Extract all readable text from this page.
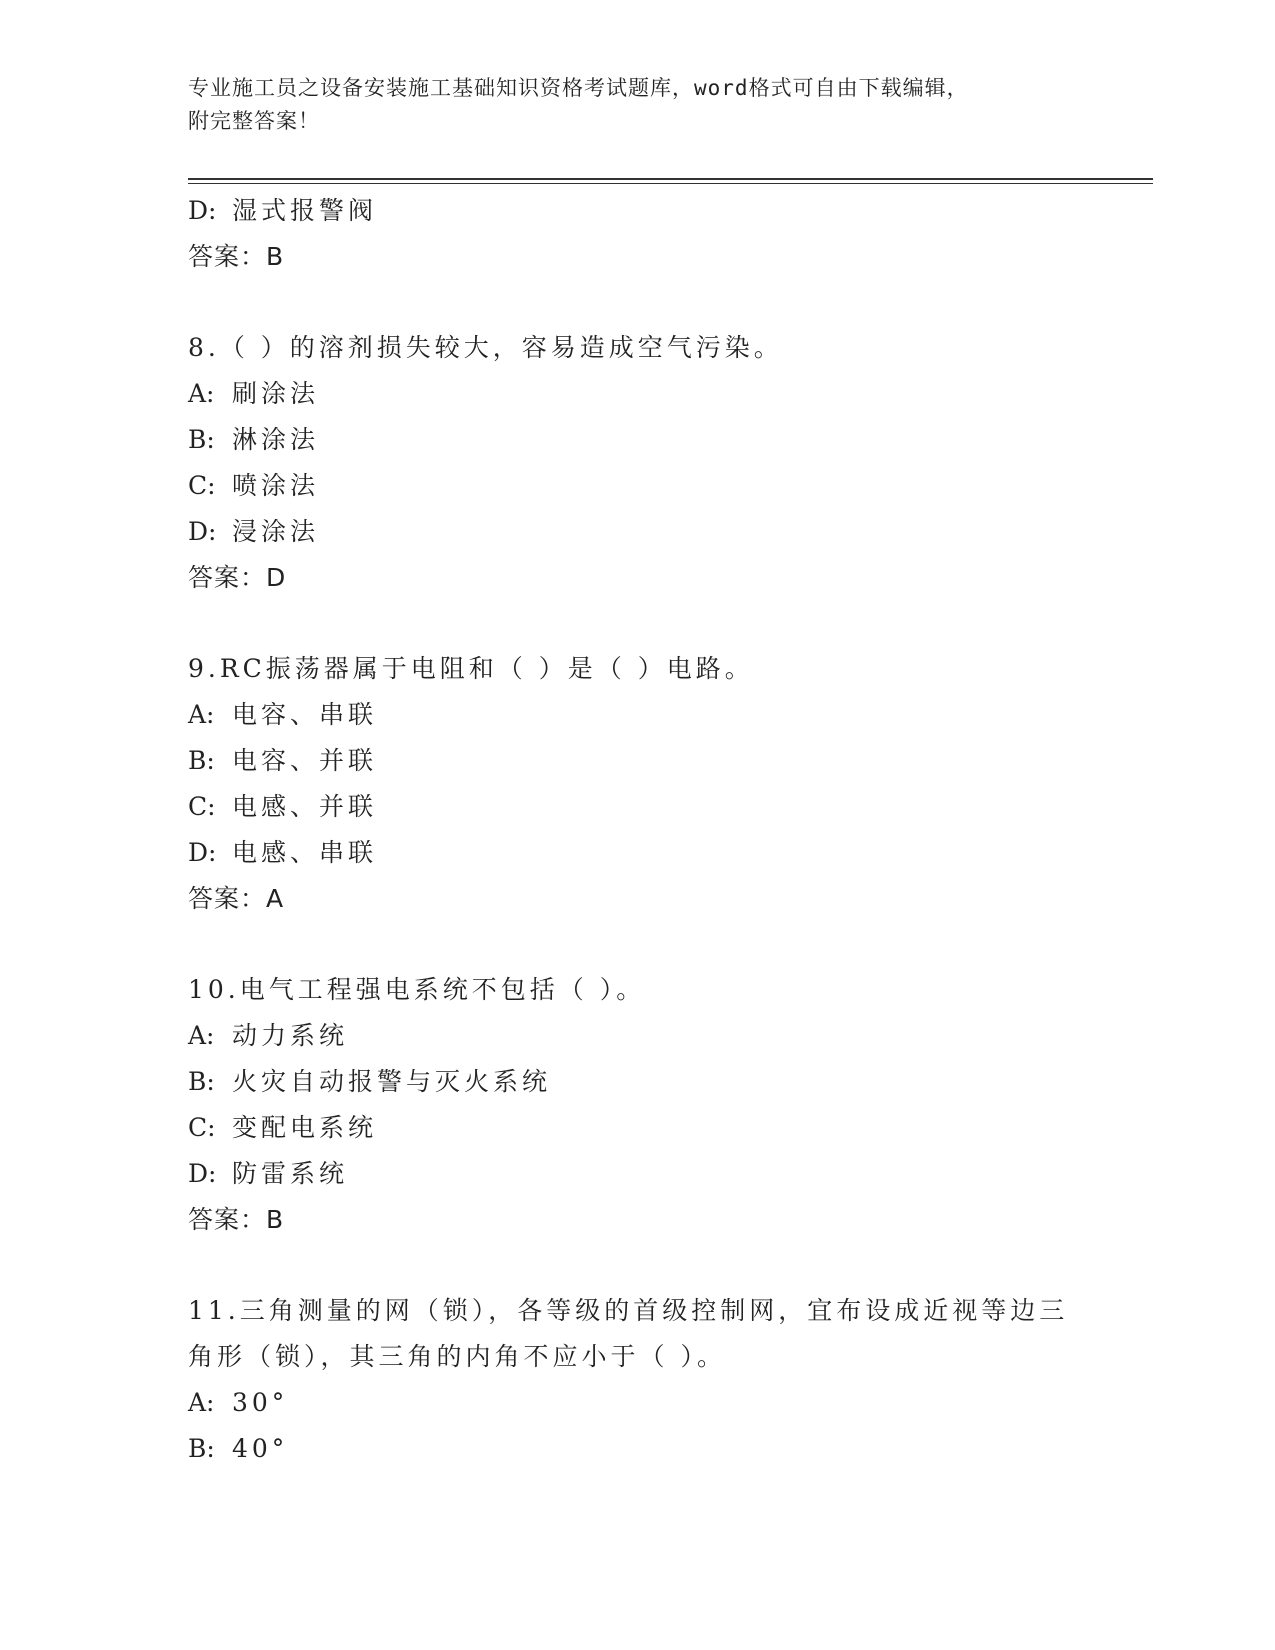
专业施工员之设备安装施工基础知识资格考试题库，word格式可自由下载编辑，
附完整答案！
D: 湿式报警阀
答案：B
8.（ ）的溶剂损失较大，容易造成空气污染。
A: 刷涂法
B: 淋涂法
C: 喷涂法
D: 浸涂法
答案：D
9.RC振荡器属于电阻和（ ）是（ ）电路。
A: 电容、串联
B: 电容、并联
C: 电感、并联
D: 电感、串联
答案：A
10.电气工程强电系统不包括（ ）。
A: 动力系统
B: 火灾自动报警与灭火系统
C: 变配电系统
D: 防雷系统
答案：B
11.三角测量的网（锁），各等级的首级控制网，宜布设成近视等边三
角形（锁），其三角的内角不应小于（ ）。
A: 30°
B: 40°
